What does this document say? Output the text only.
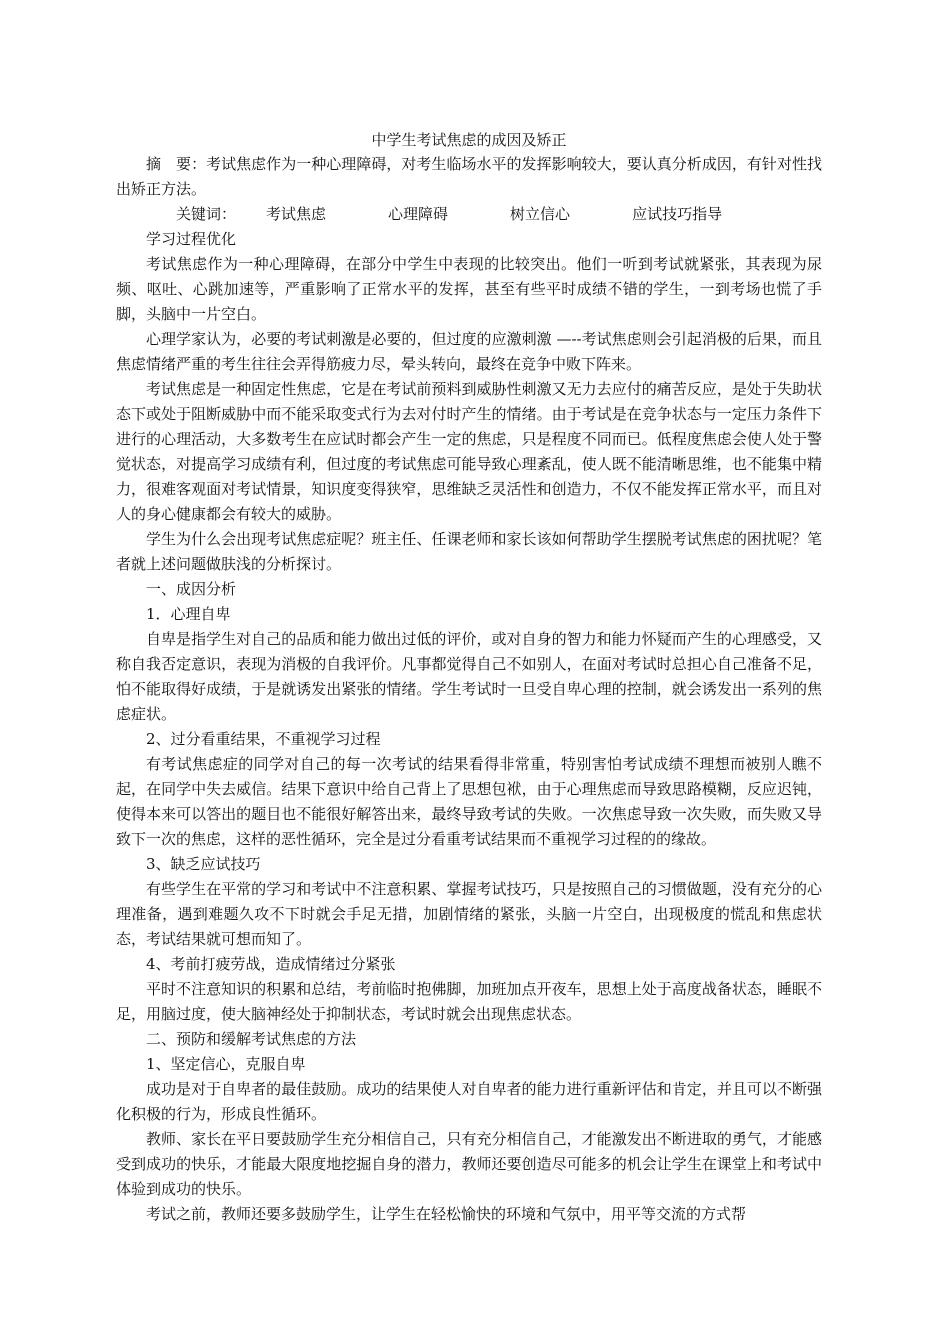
中学生考试焦虑的成因及矫正

摘　要：考试焦虑作为一种心理障碍，对考生临场水平的发挥影响较大，要认真分析成因，有针对性找出矫正方法。

关键词： 考试焦虑	心理障碍	树立信心	应试技巧指导学习过程优化

考试焦虑作为一种心理障碍，在部分中学生中表现的比较突出。他们一听到考试就紧张，其表现为尿频、呕吐、心跳加速等，严重影响了正常水平的发挥，甚至有些平时成绩不错的学生，一到考场也慌了手脚，头脑中一片空白。

心理学家认为，必要的考试刺激是必要的，但过度的应激刺激 —--考试焦虑则会引起消极的后果，而且焦虑情绪严重的考生往往会弄得筋疲力尽，晕头转向，最终在竞争中败下阵来。

考试焦虑是一种固定性焦虑，它是在考试前预料到威胁性刺激又无力去应付的痛苦反应，是处于失助状态下或处于阻断威胁中而不能采取变式行为去对付时产生的情绪。由于考试是在竞争状态与一定压力条件下进行的心理活动，大多数考生在应试时都会产生一定的焦虑，只是程度不同而已。低程度焦虑会使人处于警觉状态，对提高学习成绩有利，但过度的考试焦虑可能导致心理紊乱，使人既不能清晰思维，也不能集中精力，很难客观面对考试情景，知识度变得狭窄，思维缺乏灵活性和创造力，不仅不能发挥正常水平，而且对人的身心健康都会有较大的威胁。

学生为什么会出现考试焦虑症呢？班主任、任课老师和家长该如何帮助学生摆脱考试焦虑的困扰呢？笔者就上述问题做肤浅的分析探讨。

一、成因分析

1．心理自卑

自卑是指学生对自己的品质和能力做出过低的评价，或对自身的智力和能力怀疑而产生的心理感受，又称自我否定意识，表现为消极的自我评价。凡事都觉得自己不如别人，在面对考试时总担心自己准备不足，怕不能取得好成绩，于是就诱发出紧张的情绪。学生考试时一旦受自卑心理的控制，就会诱发出一系列的焦虑症状。

2、过分看重结果，不重视学习过程

有考试焦虑症的同学对自己的每一次考试的结果看得非常重，特别害怕考试成绩不理想而被别人瞧不起，在同学中失去威信。结果下意识中给自己背上了思想包袱，由于心理焦虑而导致思路模糊，反应迟钝，使得本来可以答出的题目也不能很好解答出来，最终导致考试的失败。一次焦虑导致一次失败，而失败又导致下一次的焦虑，这样的恶性循环，完全是过分看重考试结果而不重视学习过程的的缘故。

3、缺乏应试技巧

有些学生在平常的学习和考试中不注意积累、掌握考试技巧，只是按照自己的习惯做题，没有充分的心理准备，遇到难题久攻不下时就会手足无措，加剧情绪的紧张，头脑一片空白，出现极度的慌乱和焦虑状态，考试结果就可想而知了。

4、考前打疲劳战，造成情绪过分紧张

平时不注意知识的积累和总结，考前临时抱佛脚，加班加点开夜车，思想上处于高度战备状态，睡眠不足，用脑过度，使大脑神经处于抑制状态，考试时就会出现焦虑状态。

二、预防和缓解考试焦虑的方法

1、坚定信心，克服自卑

成功是对于自卑者的最佳鼓励。成功的结果使人对自卑者的能力进行重新评估和肯定，并且可以不断强化积极的行为，形成良性循环。

教师、家长在平日要鼓励学生充分相信自己，只有充分相信自己，才能激发出不断进取的勇气，才能感受到成功的快乐，才能最大限度地挖掘自身的潜力，教师还要创造尽可能多的机会让学生在课堂上和考试中体验到成功的快乐。

考试之前，教师还要多鼓励学生，让学生在轻松愉快的环境和气氛中，用平等交流的方式帮
